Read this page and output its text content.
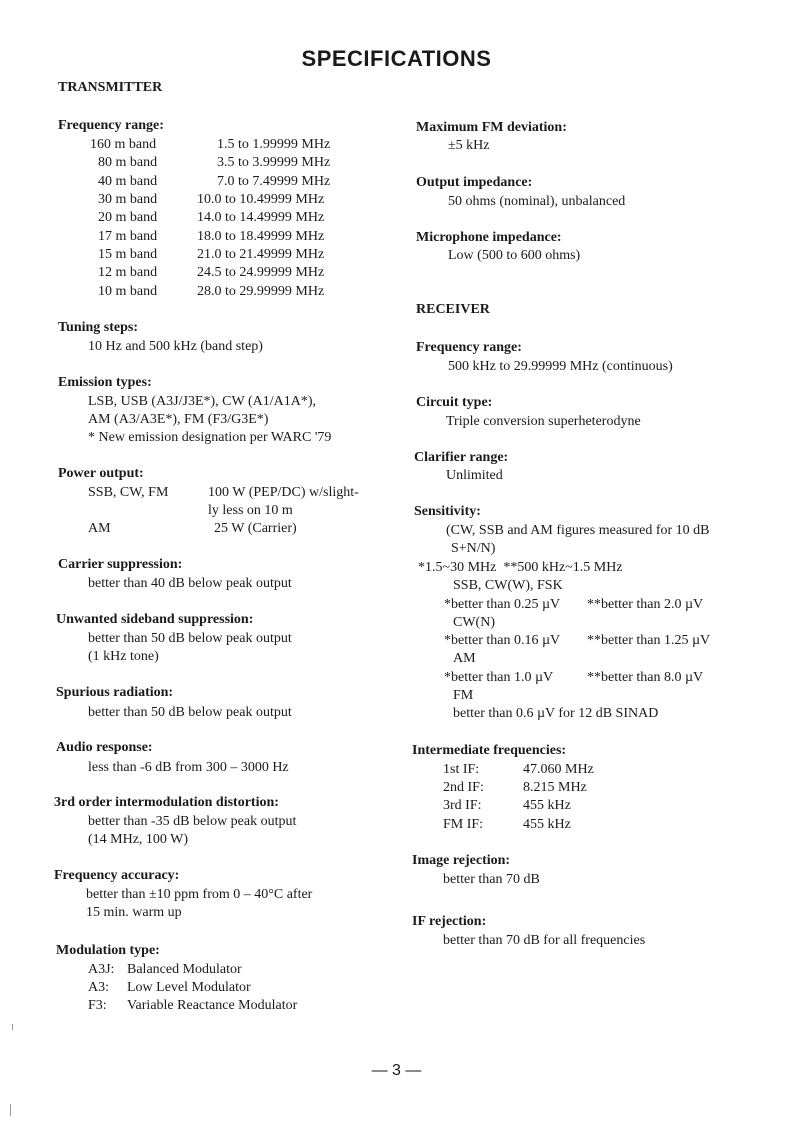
SPECIFICATIONS
TRANSMITTER
Frequency range:
160 m band	1.5 to 1.99999 MHz
80 m band	3.5 to 3.99999 MHz
40 m band	7.0 to 7.49999 MHz
30 m band	10.0 to 10.49999 MHz
20 m band	14.0 to 14.49999 MHz
17 m band	18.0 to 18.49999 MHz
15 m band	21.0 to 21.49999 MHz
12 m band	24.5 to 24.99999 MHz
10 m band	28.0 to 29.99999 MHz
Tuning steps:
10 Hz and 500 kHz (band step)
Emission types:
LSB, USB (A3J/J3E*), CW (A1/A1A*),
AM (A3/A3E*), FM (F3/G3E*)
* New emission designation per WARC '79
Power output:
SSB, CW, FM	100 W (PEP/DC) w/slight-
ly less on 10 m
AM	25 W (Carrier)
Carrier suppression:
better than 40 dB below peak output
Unwanted sideband suppression:
better than 50 dB below peak output
(1 kHz tone)
Spurious radiation:
better than 50 dB below peak output
Audio response:
less than -6 dB from 300 – 3000 Hz
3rd order intermodulation distortion:
better than -35 dB below peak output
(14 MHz, 100 W)
Frequency accuracy:
better than ±10 ppm from 0 – 40°C after
15 min. warm up
Modulation type:
A3J: Balanced Modulator
A3: Low Level Modulator
F3: Variable Reactance Modulator
Maximum FM deviation:
±5 kHz
Output impedance:
50 ohms (nominal), unbalanced
Microphone impedance:
Low (500 to 600 ohms)
RECEIVER
Frequency range:
500 kHz to 29.99999 MHz (continuous)
Circuit type:
Triple conversion superheterodyne
Clarifier range:
Unlimited
Sensitivity:
(CW, SSB and AM figures measured for 10 dB
S+N/N)
*1.5~30 MHz  **500 kHz~1.5 MHz
SSB, CW(W), FSK
*better than 0.25 µV **better than 2.0 µV
CW(N)
*better than 0.16 µV **better than 1.25 µV
AM
*better than 1.0 µV **better than 8.0 µV
FM
better than 0.6 µV for 12 dB SINAD
Intermediate frequencies:
1st IF:	47.060 MHz
2nd IF:	8.215 MHz
3rd IF:	455 kHz
FM IF:	455 kHz
Image rejection:
better than 70 dB
IF rejection:
better than 70 dB for all frequencies
— 3 —
